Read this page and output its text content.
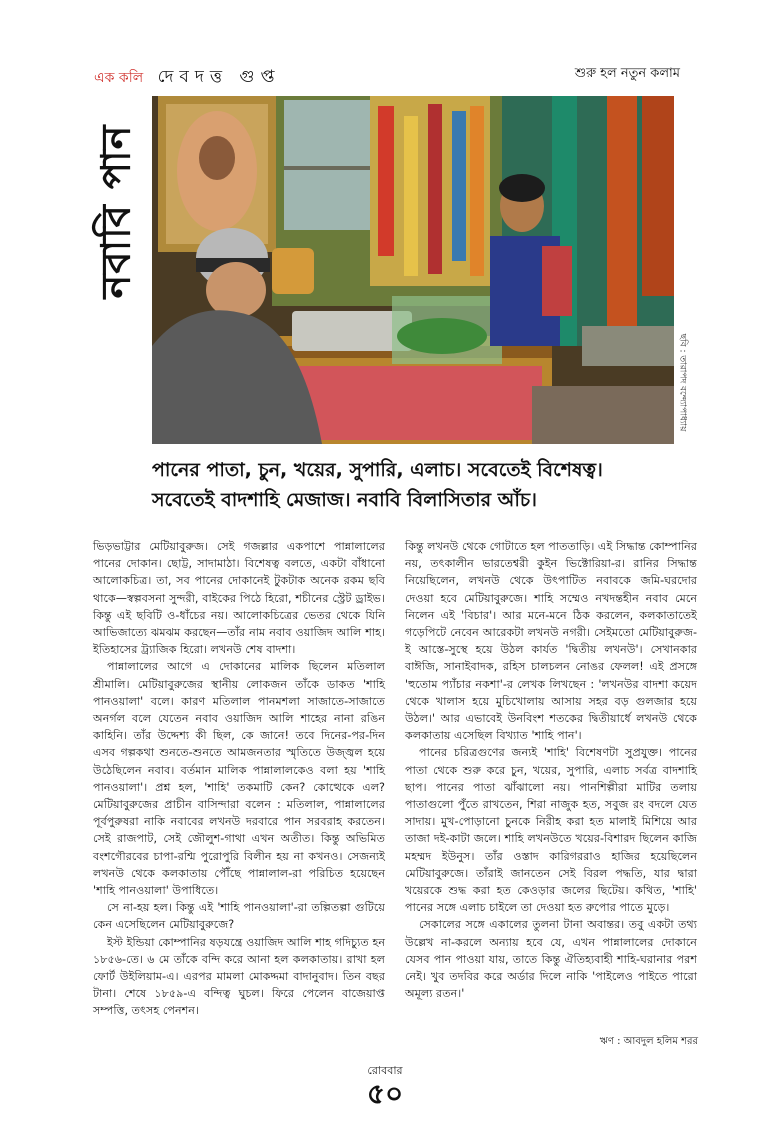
এক কলি দেবদত্ত গুপ্ত	শুরু হল নতুন কলাম
নবাবি পান
ছবি : তারাপদ বন্দ্যোপাধ্যায়
পানের পাতা, চুন, খয়ের, সুপারি, এলাচ। সবেতেই বিশেষত্ব।
সবেতেই বাদশাহি মেজাজ। নবাবি বিলাসিতার আঁচ।

ভিড়ভাট্টার মেটিয়াবুরুজ। সেই গজল্লার একপাশে পান্নালালের পানের দোকান। ছোট্ট, সাদামাঠা। বিশেষত্ব বলতে, একটা বাঁধানো আলোকচিত্র। তা, সব পানের দোকানেই টুকটাক অনেক রকম ছবি থাকে—স্বল্পবসনা সুন্দরী, বাইকের পিঠে হিরো, শচীনের স্ট্রেট ড্রাইভ। কিন্তু এই ছবিটি ও-ধাঁচের নয়। আলোকচিত্রের ভেতর থেকে যিনি আভিজাত্যে ঝমঝম করছেন—তাঁর নাম নবাব ওয়াজিদ আলি শাহ। ইতিহাসের ট্র্যাজিক হিরো। লখনউ শেষ বাদশা।

পান্নালালের আগে এ দোকানের মালিক ছিলেন মতিলাল শ্রীমালি। মেটিয়াবুরুজের স্থানীয় লোকজন তাঁকে ডাকত 'শাহি পানওয়ালা' বলে। কারণ মতিলাল পানমশলা সাজাতে-সাজাতে অনর্গল বলে যেতেন নবাব ওয়াজিদ আলি শাহের নানা রঙিন কাহিনি। তাঁর উদ্দেশ্য কী ছিল, কে জানে! তবে দিনের-পর-দিন এসব গল্পকথা শুনতে-শুনতে আমজনতার স্মৃতিতে উজ্জ্বল হয়ে উঠেছিলেন নবাব। বর্তমান মালিক পান্নালালকেও বলা হয় 'শাহি পানওয়ালা'। প্রশ্ন হল, 'শাহি' তকমাটি কেন? কোত্থেকে এল? মেটিয়াবুরুজের প্রাচীন বাসিন্দারা বলেন : মতিলাল, পান্নালালের পূর্বপুরুষরা নাকি নবাবের লখনউ দরবারে পান সরবরাহ করতেন। সেই রাজপাট, সেই জৌলুশ-গাথা এখন অতীত। কিন্তু অভিমিত বংশগৌরবের চাপা-রশ্মি পুরোপুরি বিলীন হয় না কখনও। সেজন্যই লখনউ থেকে কলকাতায় পৌঁছে পান্নালাল-রা পরিচিত হয়েছেন 'শাহি পানওয়ালা' উপাধিতে।

সে না-হয় হল। কিন্তু এই 'শাহি পানওয়ালা'-রা তল্পিতল্পা গুটিয়ে কেন এসেছিলেন মেটিয়াবুরুজে?

ইস্ট ইন্ডিয়া কোম্পানির ষড়যন্ত্রে ওয়াজিদ আলি শাহ গদিচ্যুত হন ১৮৫৬-তে। ৬ মে তাঁকে বন্দি করে আনা হল কলকাতায়। রাখা হল ফোর্ট উইলিয়াম-এ। এরপর মামলা মোকদ্দমা বাদানুবাদ। তিন বছর টানা। শেষে ১৮৫৯-এ বন্দিত্ব ঘুচল। ফিরে পেলেন বাজেয়াপ্ত সম্পত্তি, তৎসহ পেনশন।

কিন্তু লখনউ থেকে গোটাতে হল পাততাড়ি। এই সিদ্ধান্ত কোম্পানির নয়, তৎকালীন ভারতেশ্বরী কুইন ভিক্টোরিয়া-র। রানির সিদ্ধান্ত নিয়েছিলেন, লখনউ থেকে উৎপাটিত নবাবকে জমি-ঘরদোর দেওয়া হবে মেটিয়াবুরুজে। শাহি সম্মেও নখদন্তহীন নবাব মেনে নিলেন এই 'বিচার'। আর মনে-মনে ঠিক করলেন, কলকাতাতেই গড়েপিটে নেবেন আরেকটা লখনউ নগরী। সেইমতো মেটিয়াবুরুজ-ই আস্তে-সুস্থে হয়ে উঠল কার্যত 'দ্বিতীয় লখনউ'। সেখানকার বাঈজি, সানাইবাদক, রহিস চালচলন নোঙর ফেলল! এই প্রসঙ্গে 'হুতোম প্যাঁচার নকশা'-র লেখক লিখছেন : 'লখনউর বাদশা কয়েদ থেকে খালাস হয়ে মুচিখোলায় আসায় সহর বড় গুলজার হয়ে উঠল।' আর এভাবেই উনবিংশ শতকের দ্বিতীয়ার্ধে লখনউ থেকে কলকাতায় এসেছিল বিখ্যাত 'শাহি পান'।

পানের চরিত্রগুণের জন্যই 'শাহি' বিশেষণটা সুপ্রযুক্ত। পানের পাতা থেকে শুরু করে চুন, খয়ের, সুপারি, এলাচ সর্বত্র বাদশাহি ছাপ। পানের পাতা ঝাঁঝালো নয়। পানশিল্পীরা মাটির তলায় পাতাগুলো পুঁতে রাখতেন, শিরা নাজুক হত, সবুজ রং বদলে যেত সাদায়। মুখ-পোড়ানো চুনকে নিরীহ করা হত মালাই মিশিয়ে আর তাজা দই-কাটা জলে। শাহি লখনউতে খয়ের-বিশারদ ছিলেন কাজি মহম্মদ ইউনুস। তাঁর ওস্তাদ কারিগররাও হাজির হয়েছিলেন মেটিয়াবুরুজে। তাঁরাই জানতেন সেই বিরল পদ্ধতি, যার দ্বারা খয়েরকে শুদ্ধ করা হত কেওড়ার জলের ছিটেয়। কথিত, 'শাহি' পানের সঙ্গে এলাচ চাইলে তা দেওয়া হত রুপোর পাতে মুড়ে।

সেকালের সঙ্গে একালের তুলনা টানা অবান্তর। তবু একটা তথ্য উল্লেখ না-করলে অন্যায় হবে যে, এখন পান্নালালের দোকানে যেসব পান পাওয়া যায়, তাতে কিন্তু ঐতিহ্যবাহী শাহি-ঘরানার পরশ নেই। খুব তদবির করে অর্ডার দিলে নাকি 'পাইলেও পাইতে পারো অমূল্য রতন।'

ঋণ : আবদুল হলিম শরর
রোববার
৫০
